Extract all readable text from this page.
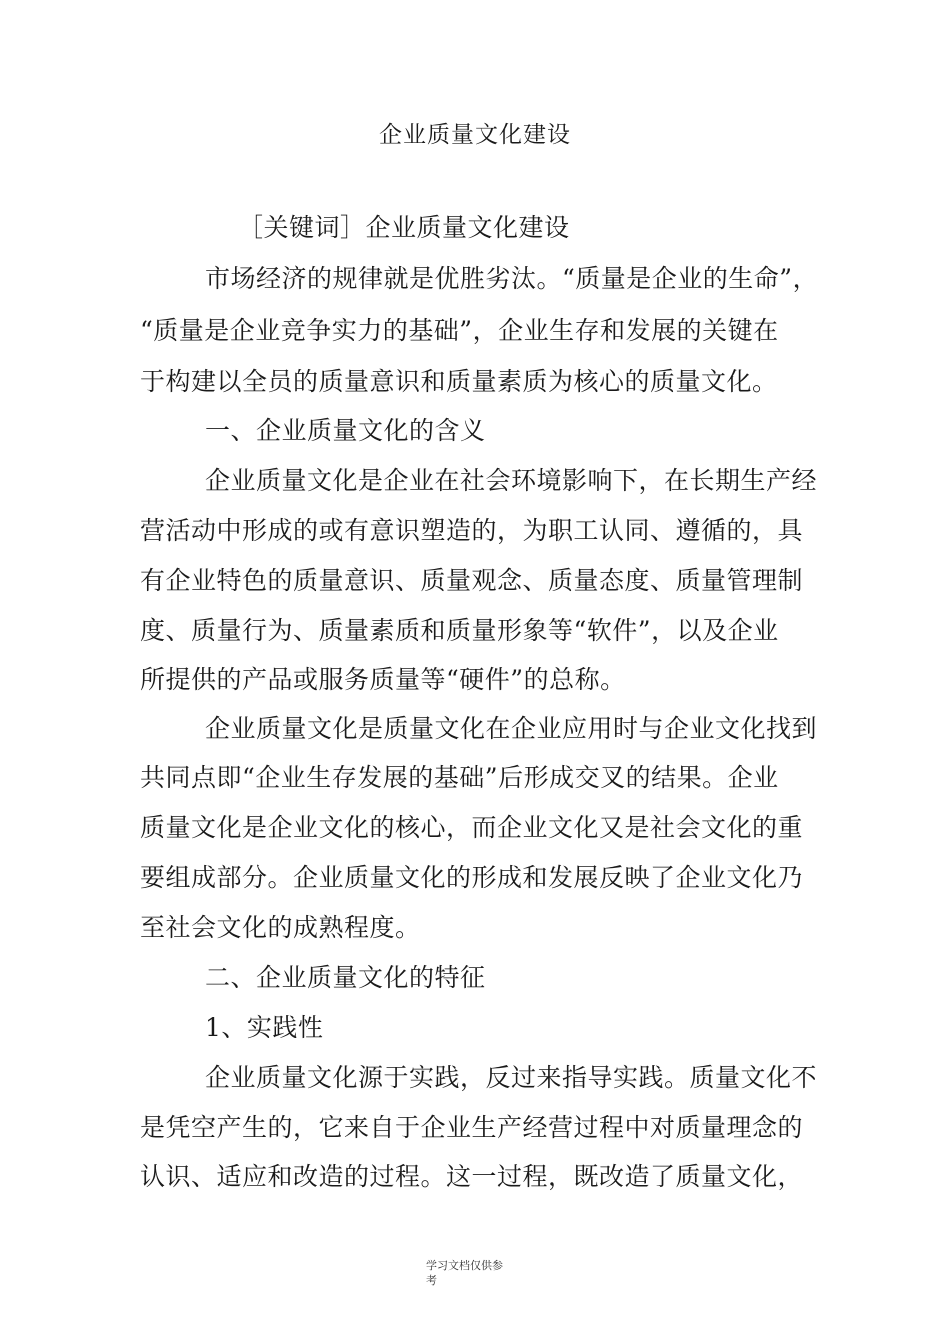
企业质量文化建设
［关键词］企业质量文化建设
市场经济的规律就是优胜劣汰。“质量是企业的生命”，
“质量是企业竞争实力的基础”，企业生存和发展的关键在
于构建以全员的质量意识和质量素质为核心的质量文化。
一、企业质量文化的含义
企业质量文化是企业在社会环境影响下，在长期生产经
营活动中形成的或有意识塑造的，为职工认同、遵循的，具
有企业特色的质量意识、质量观念、质量态度、质量管理制
度、质量行为、质量素质和质量形象等“软件”，以及企业
所提供的产品或服务质量等“硬件”的总称。
企业质量文化是质量文化在企业应用时与企业文化找到
共同点即“企业生存发展的基础”后形成交叉的结果。企业
质量文化是企业文化的核心，而企业文化又是社会文化的重
要组成部分。企业质量文化的形成和发展反映了企业文化乃
至社会文化的成熟程度。
二、企业质量文化的特征
1、实践性
企业质量文化源于实践，反过来指导实践。质量文化不
是凭空产生的，它来自于企业生产经营过程中对质量理念的
认识、适应和改造的过程。这一过程，既改造了质量文化，
学习文档仅供参
考
